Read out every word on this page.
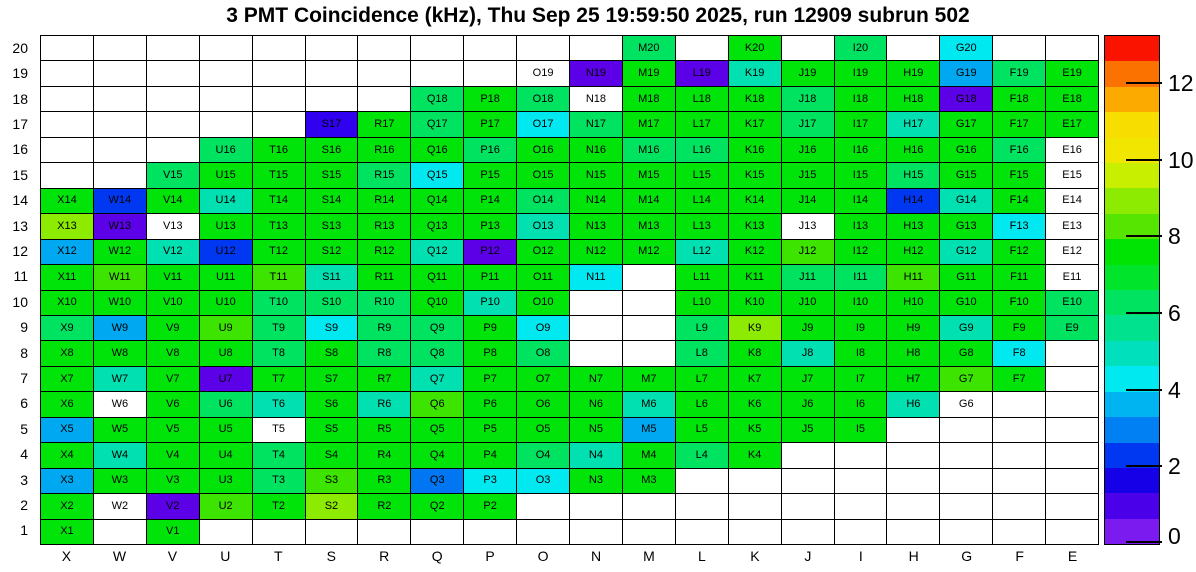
3 PMT Coincidence (kHz), Thu Sep 25 19:59:50 2025, run 12909 subrun 502
20
19
18
17
16
15
14
13
12
11
10
9
8
7
6
5
4
3
2
1
M20	K20	I20	G20
O19	N19	M19	L19	K19	J19	I19	H19	G19	F19	E19
Q18	P18	O18	N18	M18	L18	K18	J18	I18	H18	G18	F18	E18
S17	R17	Q17	P17	O17	N17	M17	L17	K17	J17	I17	H17	G17	F17	E17
U16	T16	S16	R16	Q16	P16	O16	N16	M16	L16	K16	J16	I16	H16	G16	F16	E16
V15	U15	T15	S15	R15	Q15	P15	O15	N15	M15	L15	K15	J15	I15	H15	G15	F15	E15
X14	W14	V14	U14	T14	S14	R14	Q14	P14	O14	N14	M14	L14	K14	J14	I14	H14	G14	F14	E14
X13	W13	V13	U13	T13	S13	R13	Q13	P13	O13	N13	M13	L13	K13	J13	I13	H13	G13	F13	E13
X12	W12	V12	U12	T12	S12	R12	Q12	P12	O12	N12	M12	L12	K12	J12	I12	H12	G12	F12	E12
X11	W11	V11	U11	T11	S11	R11	Q11	P11	O11	N11	L11	K11	J11	I11	H11	G11	F11	E11
X10	W10	V10	U10	T10	S10	R10	Q10	P10	O10	L10	K10	J10	I10	H10	G10	F10	E10
X9	W9	V9	U9	T9	S9	R9	Q9	P9	O9	L9	K9	J9	I9	H9	G9	F9	E9
X8	W8	V8	U8	T8	S8	R8	Q8	P8	O8	L8	K8	J8	I8	H8	G8	F8
X7	W7	V7	U7	T7	S7	R7	Q7	P7	O7	N7	M7	L7	K7	J7	I7	H7	G7	F7
X6	W6	V6	U6	T6	S6	R6	Q6	P6	O6	N6	M6	L6	K6	J6	I6	H6	G6
X5	W5	V5	U5	T5	S5	R5	Q5	P5	O5	N5	M5	L5	K5	J5	I5
X4	W4	V4	U4	T4	S4	R4	Q4	P4	O4	N4	M4	L4	K4
X3	W3	V3	U3	T3	S3	R3	Q3	P3	O3	N3	M3
X2	W2	V2	U2	T2	S2	R2	Q2	P2
X1	V1
X	W	V	U	T	S	R	Q	P	O	N	M	L	K	J	I	H	G	F	E
0
2
4
6
8
10
12
